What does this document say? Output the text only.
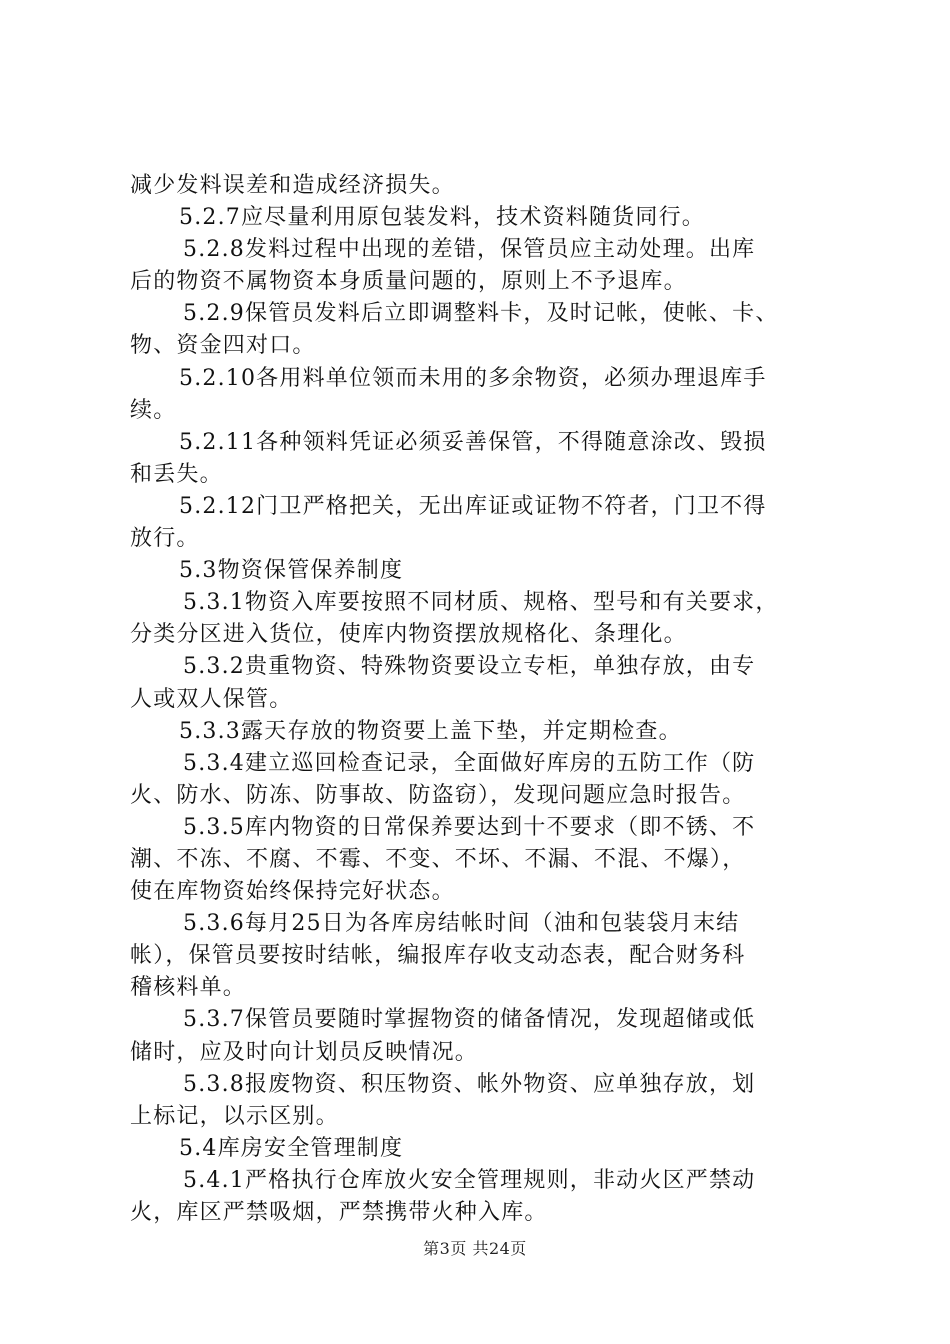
减少发料误差和造成经济损失。
5.2.7应尽量利用原包装发料，技术资料随货同行。
5.2.8发料过程中出现的差错，保管员应主动处理。出库
后的物资不属物资本身质量问题的，原则上不予退库。
5.2.9保管员发料后立即调整料卡，及时记帐，使帐、卡、
物、资金四对口。
5.2.10各用料单位领而未用的多余物资，必须办理退库手
续。
5.2.11各种领料凭证必须妥善保管，不得随意涂改、毁损
和丢失。
5.2.12门卫严格把关，无出库证或证物不符者，门卫不得
放行。
5.3物资保管保养制度
5.3.1物资入库要按照不同材质、规格、型号和有关要求，
分类分区进入货位，使库内物资摆放规格化、条理化。
5.3.2贵重物资、特殊物资要设立专柜，单独存放，由专
人或双人保管。
5.3.3露天存放的物资要上盖下垫，并定期检查。
5.3.4建立巡回检查记录，全面做好库房的五防工作（防
火、防水、防冻、防事故、防盗窃），发现问题应急时报告。
5.3.5库内物资的日常保养要达到十不要求（即不锈、不
潮、不冻、不腐、不霉、不变、不坏、不漏、不混、不爆），
使在库物资始终保持完好状态。
5.3.6每月25日为各库房结帐时间（油和包装袋月末结
帐），保管员要按时结帐，编报库存收支动态表，配合财务科
稽核料单。
5.3.7保管员要随时掌握物资的储备情况，发现超储或低
储时，应及时向计划员反映情况。
5.3.8报废物资、积压物资、帐外物资、应单独存放，划
上标记，以示区别。
5.4库房安全管理制度
5.4.1严格执行仓库放火安全管理规则，非动火区严禁动
火，库区严禁吸烟，严禁携带火种入库。
第3页 共24页
